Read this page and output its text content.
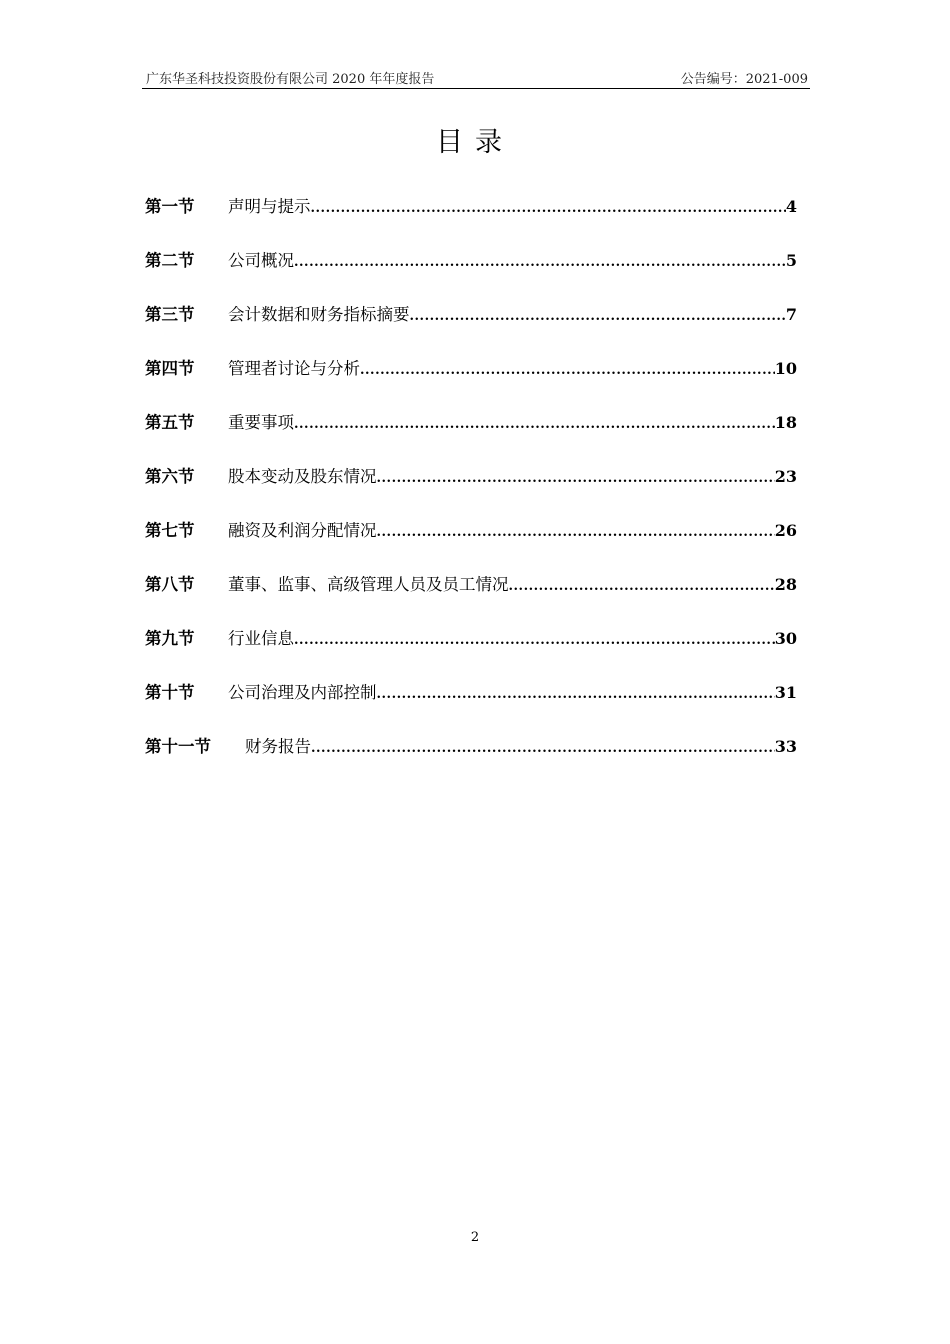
广东华圣科技投资股份有限公司 2020 年年度报告	公告编号：2021-009
目录
第一节	声明与提示 .....	4
第二节	公司概况 .....	5
第三节	会计数据和财务指标摘要 .....	7
第四节	管理者讨论与分析 .....	10
第五节	重要事项 .....	18
第六节	股本变动及股东情况 .....	23
第七节	融资及利润分配情况 .....	26
第八节	董事、监事、高级管理人员及员工情况 .....	28
第九节	行业信息 .....	30
第十节	公司治理及内部控制 .....	31
第十一节	财务报告 .....	33
2
